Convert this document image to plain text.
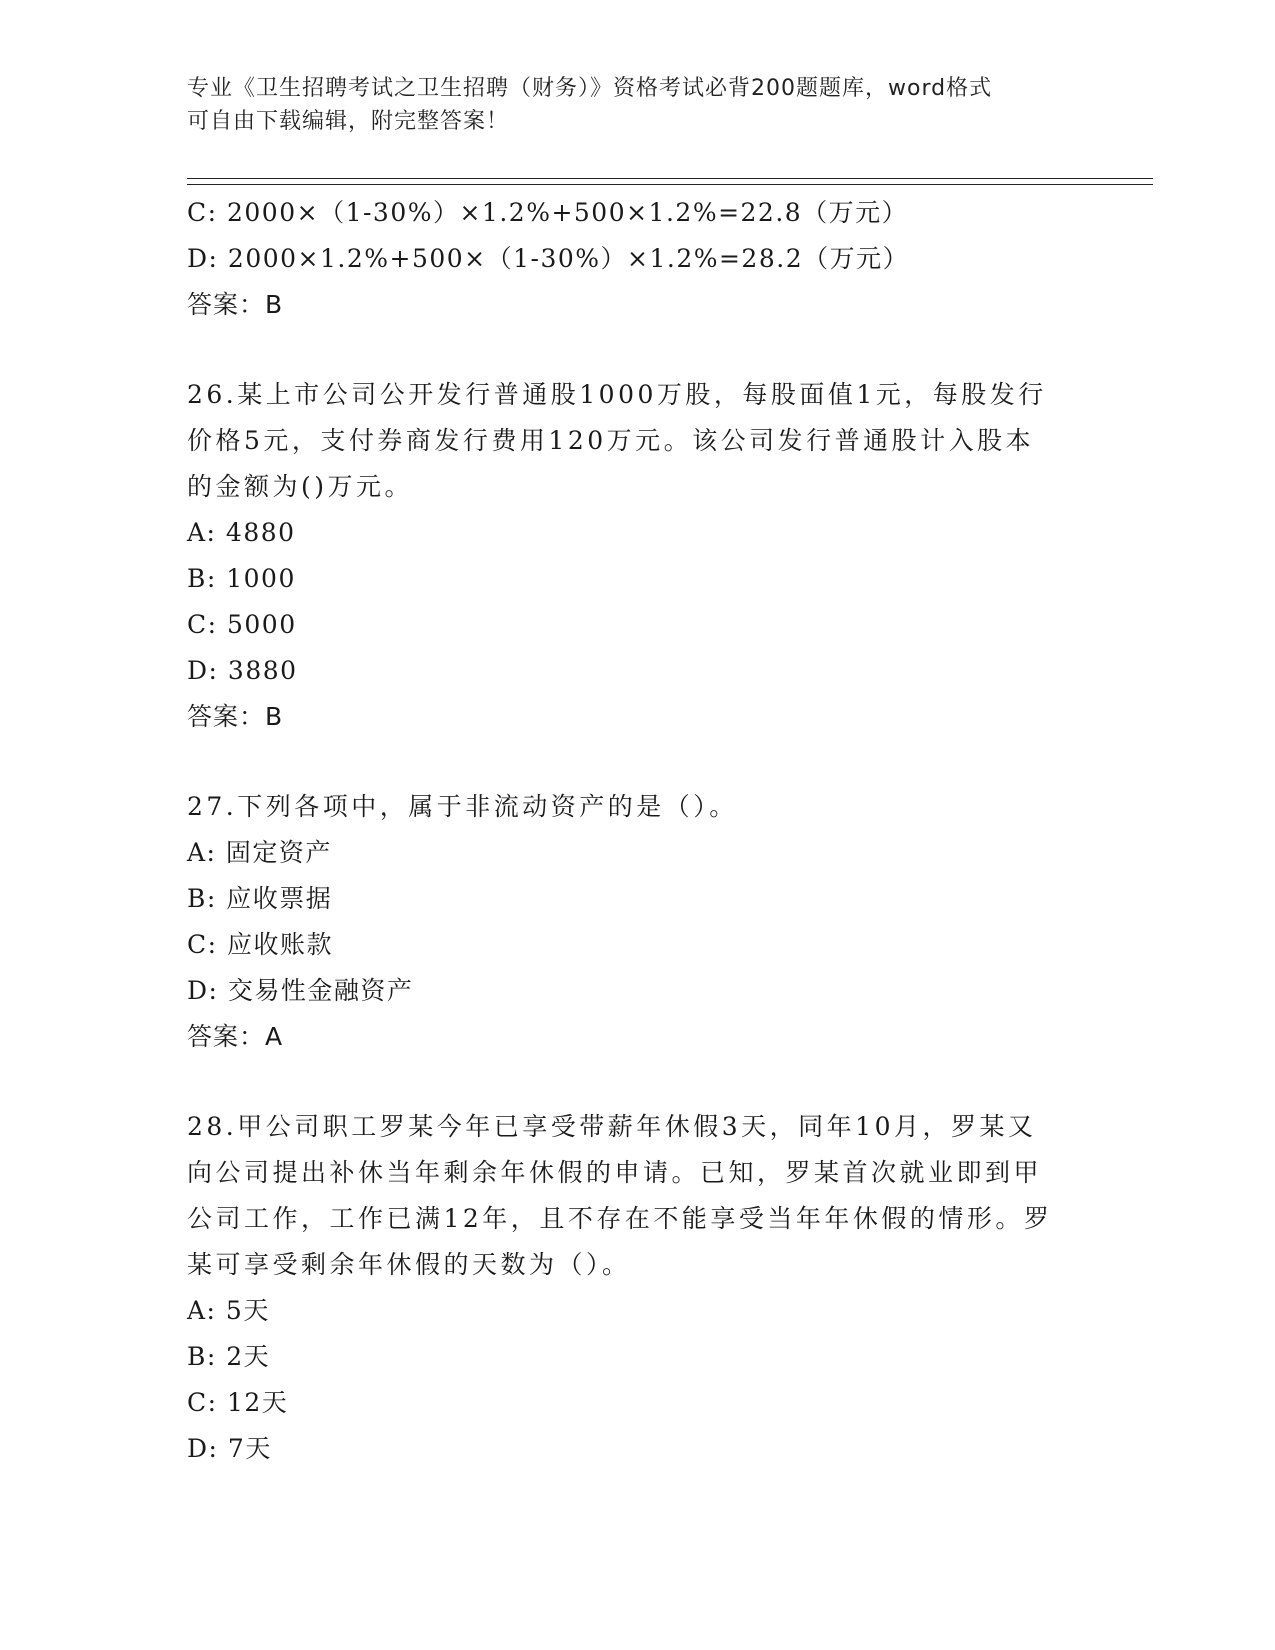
专业《卫生招聘考试之卫生招聘（财务）》资格考试必背200题题库，word格式
可自由下载编辑，附完整答案！
C: 2000×（1-30%）×1.2%+500×1.2%=22.8（万元）
D: 2000×1.2%+500×（1-30%）×1.2%=28.2（万元）
答案：B
26.某上市公司公开发行普通股1000万股，每股面值1元，每股发行
价格5元，支付券商发行费用120万元。该公司发行普通股计入股本
的金额为()万元。
A: 4880
B: 1000
C: 5000
D: 3880
答案：B
27.下列各项中，属于非流动资产的是（）。
A: 固定资产
B: 应收票据
C: 应收账款
D: 交易性金融资产
答案：A
28.甲公司职工罗某今年已享受带薪年休假3天，同年10月，罗某又
向公司提出补休当年剩余年休假的申请。已知，罗某首次就业即到甲
公司工作，工作已满12年，且不存在不能享受当年年休假的情形。罗
某可享受剩余年休假的天数为（）。
A: 5天
B: 2天
C: 12天
D: 7天
